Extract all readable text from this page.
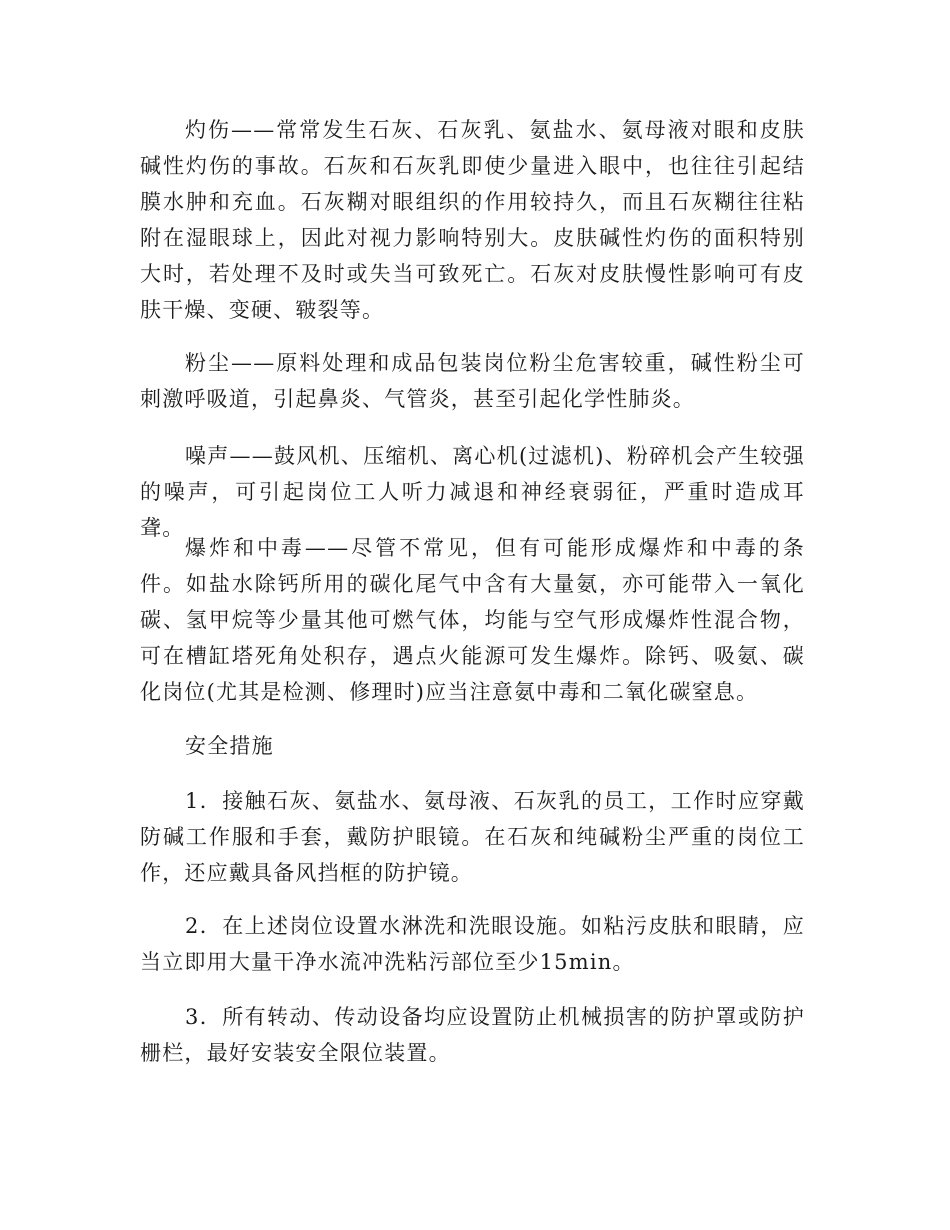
灼伤——常常发生石灰、石灰乳、氨盐水、氨母液对眼和皮肤碱性灼伤的事故。石灰和石灰乳即使少量进入眼中，也往往引起结膜水肿和充血。石灰糊对眼组织的作用较持久，而且石灰糊往往粘附在湿眼球上，因此对视力影响特别大。皮肤碱性灼伤的面积特别大时，若处理不及时或失当可致死亡。石灰对皮肤慢性影响可有皮肤干燥、变硬、皲裂等。

粉尘——原料处理和成品包装岗位粉尘危害较重，碱性粉尘可刺激呼吸道，引起鼻炎、气管炎，甚至引起化学性肺炎。

噪声——鼓风机、压缩机、离心机(过滤机)、粉碎机会产生较强的噪声，可引起岗位工人听力减退和神经衰弱征，严重时造成耳聋。

爆炸和中毒——尽管不常见，但有可能形成爆炸和中毒的条件。如盐水除钙所用的碳化尾气中含有大量氨，亦可能带入一氧化碳、氢甲烷等少量其他可燃气体，均能与空气形成爆炸性混合物，可在槽缸塔死角处积存，遇点火能源可发生爆炸。除钙、吸氨、碳化岗位(尤其是检测、修理时)应当注意氨中毒和二氧化碳窒息。

安全措施

1．接触石灰、氨盐水、氨母液、石灰乳的员工，工作时应穿戴防碱工作服和手套，戴防护眼镜。在石灰和纯碱粉尘严重的岗位工作，还应戴具备风挡框的防护镜。

2．在上述岗位设置水淋洗和洗眼设施。如粘污皮肤和眼睛，应当立即用大量干净水流冲洗粘污部位至少15min。

3．所有转动、传动设备均应设置防止机械损害的防护罩或防护栅栏，最好安装安全限位装置。
